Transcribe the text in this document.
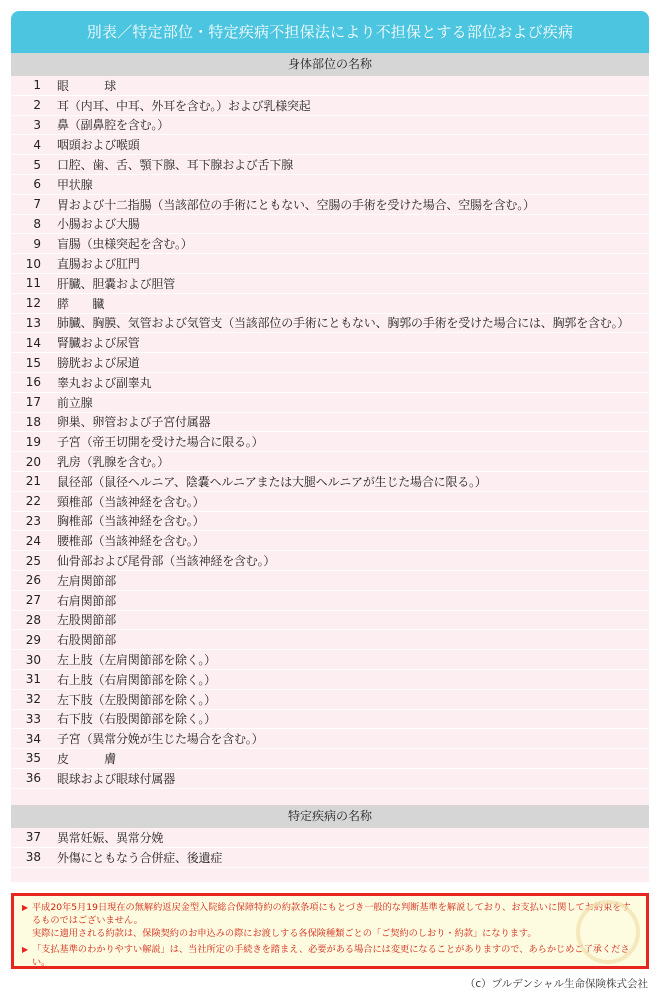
別表／特定部位・特定疾病不担保法により不担保とする部位および疾病
身体部位の名称
1	眼　　　球
2	耳（内耳、中耳、外耳を含む。）および乳様突起
3	鼻（副鼻腔を含む。）
4	咽頭および喉頭
5	口腔、歯、舌、顎下腺、耳下腺および舌下腺
6	甲状腺
7	胃および十二指腸（当該部位の手術にともない、空腸の手術を受けた場合、空腸を含む。）
8	小腸および大腸
9	盲腸（虫様突起を含む。）
10	直腸および肛門
11	肝臓、胆嚢および胆管
12	膵　　臓
13	肺臓、胸膜、気管および気管支（当該部位の手術にともない、胸郭の手術を受けた場合には、胸郭を含む。）
14	腎臓および尿管
15	膀胱および尿道
16	睾丸および副睾丸
17	前立腺
18	卵巣、卵管および子宮付属器
19	子宮（帝王切開を受けた場合に限る。）
20	乳房（乳腺を含む。）
21	鼠径部（鼠径ヘルニア、陰嚢ヘルニアまたは大腿ヘルニアが生じた場合に限る。）
22	頸椎部（当該神経を含む。）
23	胸椎部（当該神経を含む。）
24	腰椎部（当該神経を含む。）
25	仙骨部および尾骨部（当該神経を含む。）
26	左肩関節部
27	右肩関節部
28	左股関節部
29	右股関節部
30	左上肢（左肩関節部を除く。）
31	右上肢（右肩関節部を除く。）
32	左下肢（左股関節部を除く。）
33	右下肢（右股関節部を除く。）
34	子宮（異常分娩が生じた場合を含む。）
35	皮　　　膚
36	眼球および眼球付属器
特定疾病の名称
37	異常妊娠、異常分娩
38	外傷にともなう合併症、後遺症
▶ 平成20年5月19日現在の無解約返戻金型入院総合保障特約の約款条項にもとづき一般的な判断基準を解説しており、お支払いに関してお約束をするものではございません。

実際に適用される約款は、保険契約のお申込みの際にお渡しする各保険種類ごとの「ご契約のしおり・約款」になります。

▶ 「支払基準のわかりやすい解説」は、当社所定の手続きを踏まえ、必要がある場合には変更になることがありますので、あらかじめご了承ください。

（c）プルデンシャル生命保険株式会社
